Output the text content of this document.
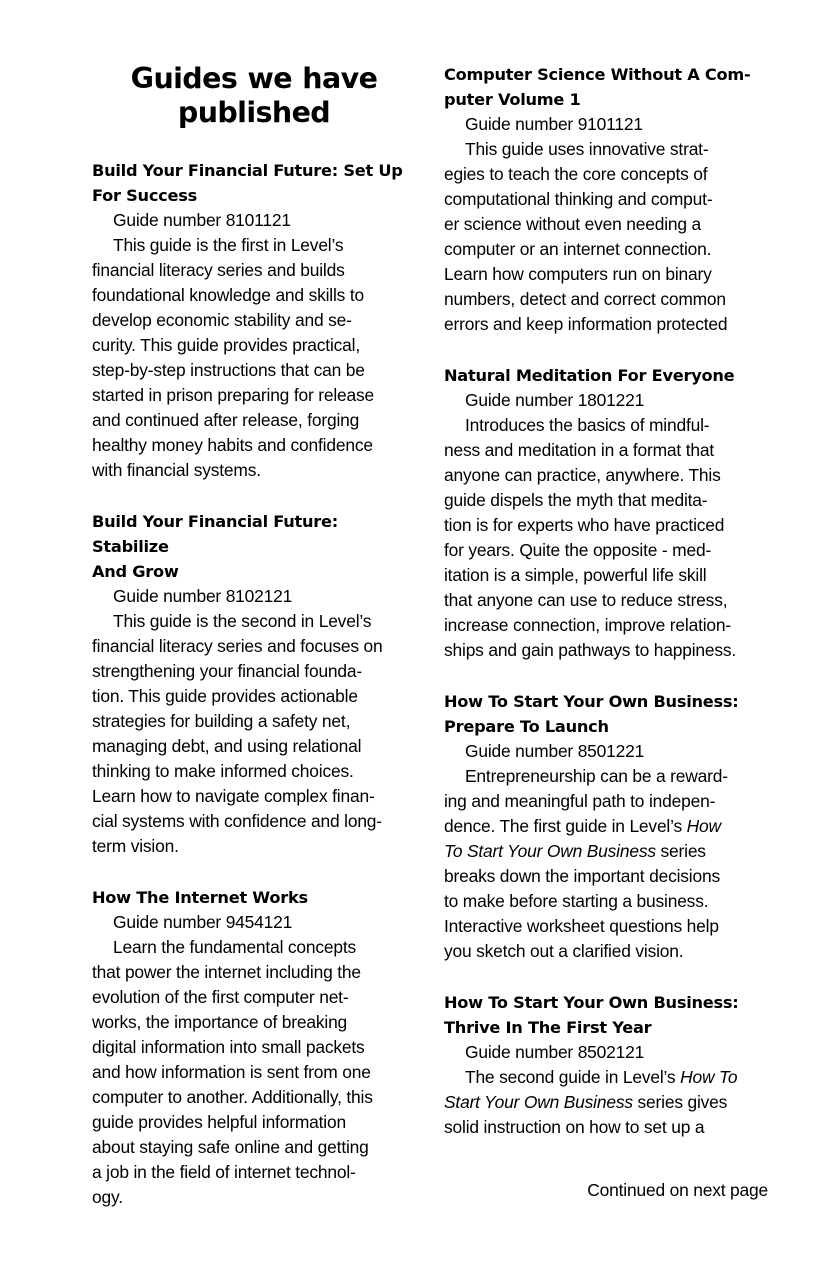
Guides we have published
Build Your Financial Future: Set Up
For Success

Guide number 8101121

This guide is the first in Level’s

financial literacy series and builds

foundational knowledge and skills to

develop economic stability and se-

curity. This guide provides practical,

step-by-step instructions that can be

started in prison preparing for release

and continued after release, forging

healthy money habits and confidence

with financial systems.

Build Your Financial Future: Stabilize
And Grow

Guide number 8102121

This guide is the second in Level’s

financial literacy series and focuses on

strengthening your financial founda-

tion. This guide provides actionable

strategies for building a safety net,

managing debt, and using relational

thinking to make informed choices.

Learn how to navigate complex finan-

cial systems with confidence and long-

term vision.

How The Internet Works

Guide number 9454121

Learn the fundamental concepts

that power the internet including the

evolution of the first computer net-

works, the importance of breaking

digital information into small packets

and how information is sent from one

computer to another. Additionally, this

guide provides helpful information

about staying safe online and getting

a job in the field of internet technol-

ogy.

Computer Science Without A Com-
puter Volume 1

Guide number 9101121

This guide uses innovative strat-

egies to teach the core concepts of

computational thinking and comput-

er science without even needing a

computer or an internet connection.

Learn how computers run on binary

numbers, detect and correct common

errors and keep information protected

Natural Meditation For Everyone

Guide number 1801221

Introduces the basics of mindful-

ness and meditation in a format that

anyone can practice, anywhere. This

guide dispels the myth that medita-

tion is for experts who have practiced

for years. Quite the opposite - med-

itation is a simple, powerful life skill

that anyone can use to reduce stress,

increase connection, improve relation-

ships and gain pathways to happiness.

How To Start Your Own Business:
Prepare To Launch

Guide number 8501221

Entrepreneurship can be a reward-

ing and meaningful path to indepen-

dence. The first guide in Level’s How

To Start Your Own Business series

breaks down the important decisions

to make before starting a business.

Interactive worksheet questions help

you sketch out a clarified vision.

How To Start Your Own Business:
Thrive In The First Year

Guide number 8502121

The second guide in Level’s How To

Start Your Own Business series gives

solid instruction on how to set up a

Continued on next page
